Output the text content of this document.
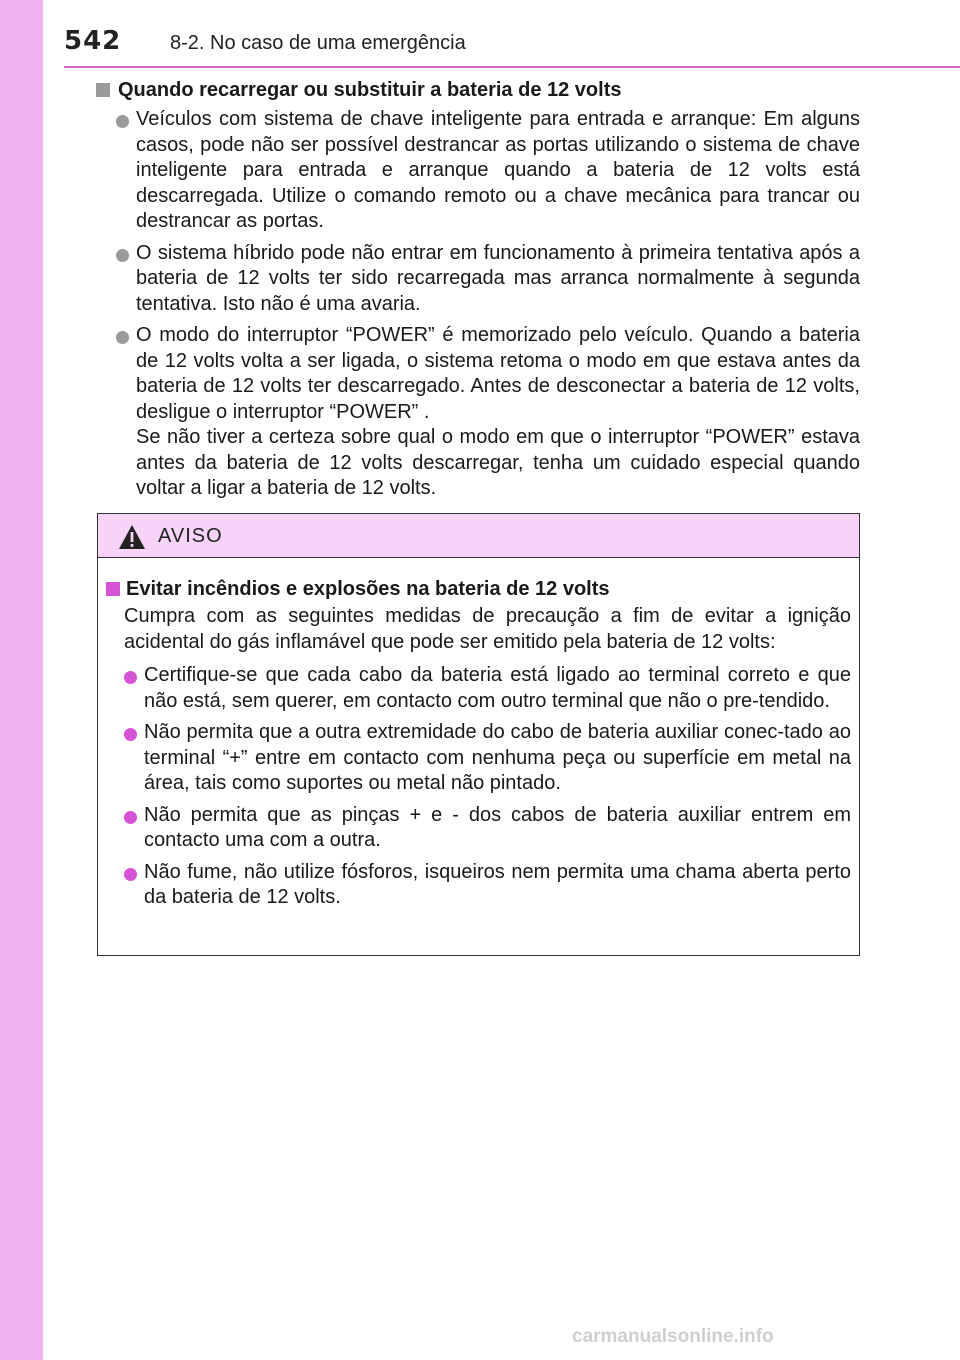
542 8-2. No caso de uma emergência
Quando recarregar ou substituir a bateria de 12 volts
Veículos com sistema de chave inteligente para entrada e arranque: Em alguns casos, pode não ser possível destrancar as portas utilizando o sistema de chave inteligente para entrada e arranque quando a bateria de 12 volts está descarregada. Utilize o comando remoto ou a chave mecânica para trancar ou destrancar as portas.
O sistema híbrido pode não entrar em funcionamento à primeira tentativa após a bateria de 12 volts ter sido recarregada mas arranca normalmente à segunda tentativa. Isto não é uma avaria.
O modo do interruptor “POWER” é memorizado pelo veículo. Quando a bateria de 12 volts volta a ser ligada, o sistema retoma o modo em que estava antes da bateria de 12 volts ter descarregado. Antes de desconectar a bateria de 12 volts, desligue o interruptor “POWER” .
Se não tiver a certeza sobre qual o modo em que o interruptor “POWER” estava antes da bateria de 12 volts descarregar, tenha um cuidado especial quando voltar a ligar a bateria de 12 volts.
AVISO
Evitar incêndios e explosões na bateria de 12 volts
Cumpra com as seguintes medidas de precaução a fim de evitar a ignição acidental do gás inflamável que pode ser emitido pela bateria de 12 volts:
Certifique-se que cada cabo da bateria está ligado ao terminal correto e que não está, sem querer, em contacto com outro terminal que não o pre-tendido.
Não permita que a outra extremidade do cabo de bateria auxiliar conec-tado ao terminal “+” entre em contacto com nenhuma peça ou superfície em metal na área, tais como suportes ou metal não pintado.
Não permita que as pinças + e - dos cabos de bateria auxiliar entrem em contacto uma com a outra.
Não fume, não utilize fósforos, isqueiros nem permita uma chama aberta perto da bateria de 12 volts.
carmanualsonline.info
